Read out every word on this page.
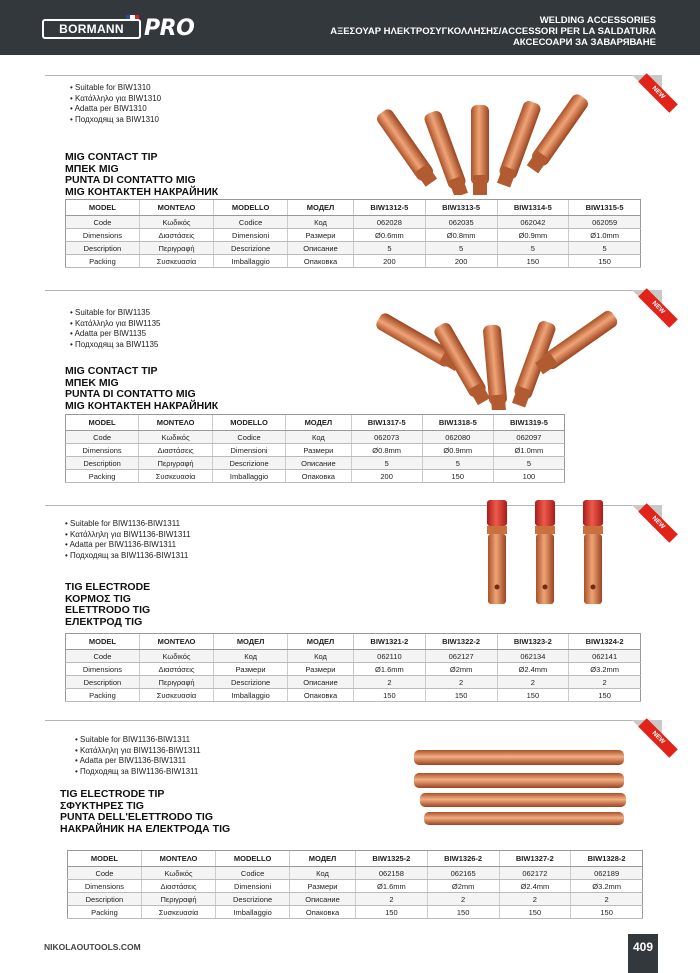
BORMANN PRO	WELDING ACCESSORIES
ΑΞΕΣΟΥΑΡ ΗΛΕΚΤΡΟΣΥΓΚΟΛΛΗΣΗΣ/ACCESSORI PER LA SALDATURA
АКСЕСОАРИ ЗА ЗАВАРЯВАНЕ
NEW
• Suitable for BIW1310
• Κατάλληλο για BIW1310
• Adatta per BIW1310
• Подходящ за BIW1310
MIG CONTACT TIP
ΜΠΕΚ MIG
PUNTA DI CONTATTO MIG
MIG КОНТАКТЕН НАКРАЙНИК
MODEL	ΜΟΝΤΕΛΟ	MODELLO	МОДЕЛ	BIW1312-5	BIW1313-5	BIW1314-5	BIW1315-5
Code	Κωδικός	Codice	Код	062028	062035	062042	062059
Dimensions	Διαστάσεις	Dimensioni	Размери	Ø0.6mm	Ø0.8mm	Ø0.9mm	Ø1.0mm
Description	Περιγραφή	Descrizione	Описание	5	5	5	5
Packing	Συσκευασία	Imballaggio	Опаковка	200	200	150	150
NEW
• Suitable for BIW1135
• Κατάλληλο για BIW1135
• Adatta per BIW1135
• Подходящ за BIW1135
MIG CONTACT TIP
ΜΠΕΚ MIG
PUNTA DI CONTATTO MIG
MIG КОНТАКТЕН НАКРАЙНИК
MODEL	ΜΟΝΤΕΛΟ	MODELLO	МОДЕЛ	BIW1317-5	BIW1318-5	BIW1319-5
Code	Κωδικός	Codice	Код	062073	062080	062097
Dimensions	Διαστάσεις	Dimensioni	Размери	Ø0.8mm	Ø0.9mm	Ø1.0mm
Description	Περιγραφή	Descrizione	Описание	5	5	5
Packing	Συσκευασία	Imballaggio	Опаковка	200	150	100
NEW
• Suitable for BIW1136-BIW1311
• Κατάλληλη για BIW1136-BIW1311
• Adatta per BIW1136-BIW1311
• Подходящ за BIW1136-BIW1311
TIG ELECTRODE
ΚΟΡΜΟΣ TIG
ELETTRODO TIG
ЕЛЕКТРОД TIG
MODEL	ΜΟΝΤΕΛΟ	МОДЕЛ	МОДЕЛ	BIW1321-2	BIW1322-2	BIW1323-2	BIW1324-2
Code	Κωδικός	Код	Код	062110	062127	062134	062141
Dimensions	Διαστάσεις	Размери	Размери	Ø1.6mm	Ø2mm	Ø2.4mm	Ø3.2mm
Description	Περιγραφή	Descrizione	Описание	2	2	2	2
Packing	Συσκευασία	Imballaggio	Опаковка	150	150	150	150
NEW
• Suitable for BIW1136-BIW1311
• Κατάλληλη για BIW1136-BIW1311
• Adatta per BIW1136-BIW1311
• Подходящ за BIW1136-BIW1311
TIG ELECTRODE TIP
ΣΦΥΚΤΗΡΕΣ TIG
PUNTA DELL'ELETTRODO TIG
НАКРАЙНИК НА ЕЛЕКТРОДА TIG
MODEL	ΜΟΝΤΕΛΟ	MODELLO	МОДЕЛ	BIW1325-2	BIW1326-2	BIW1327-2	BIW1328-2
Code	Κωδικός	Codice	Код	062158	062165	062172	062189
Dimensions	Διαστάσεις	Dimensioni	Размери	Ø1.6mm	Ø2mm	Ø2.4mm	Ø3.2mm
Description	Περιγραφή	Descrizione	Описание	2	2	2	2
Packing	Συσκευασία	Imballaggio	Опаковка	150	150	150	150
NIKOLAOUTOOLS.COM	409
